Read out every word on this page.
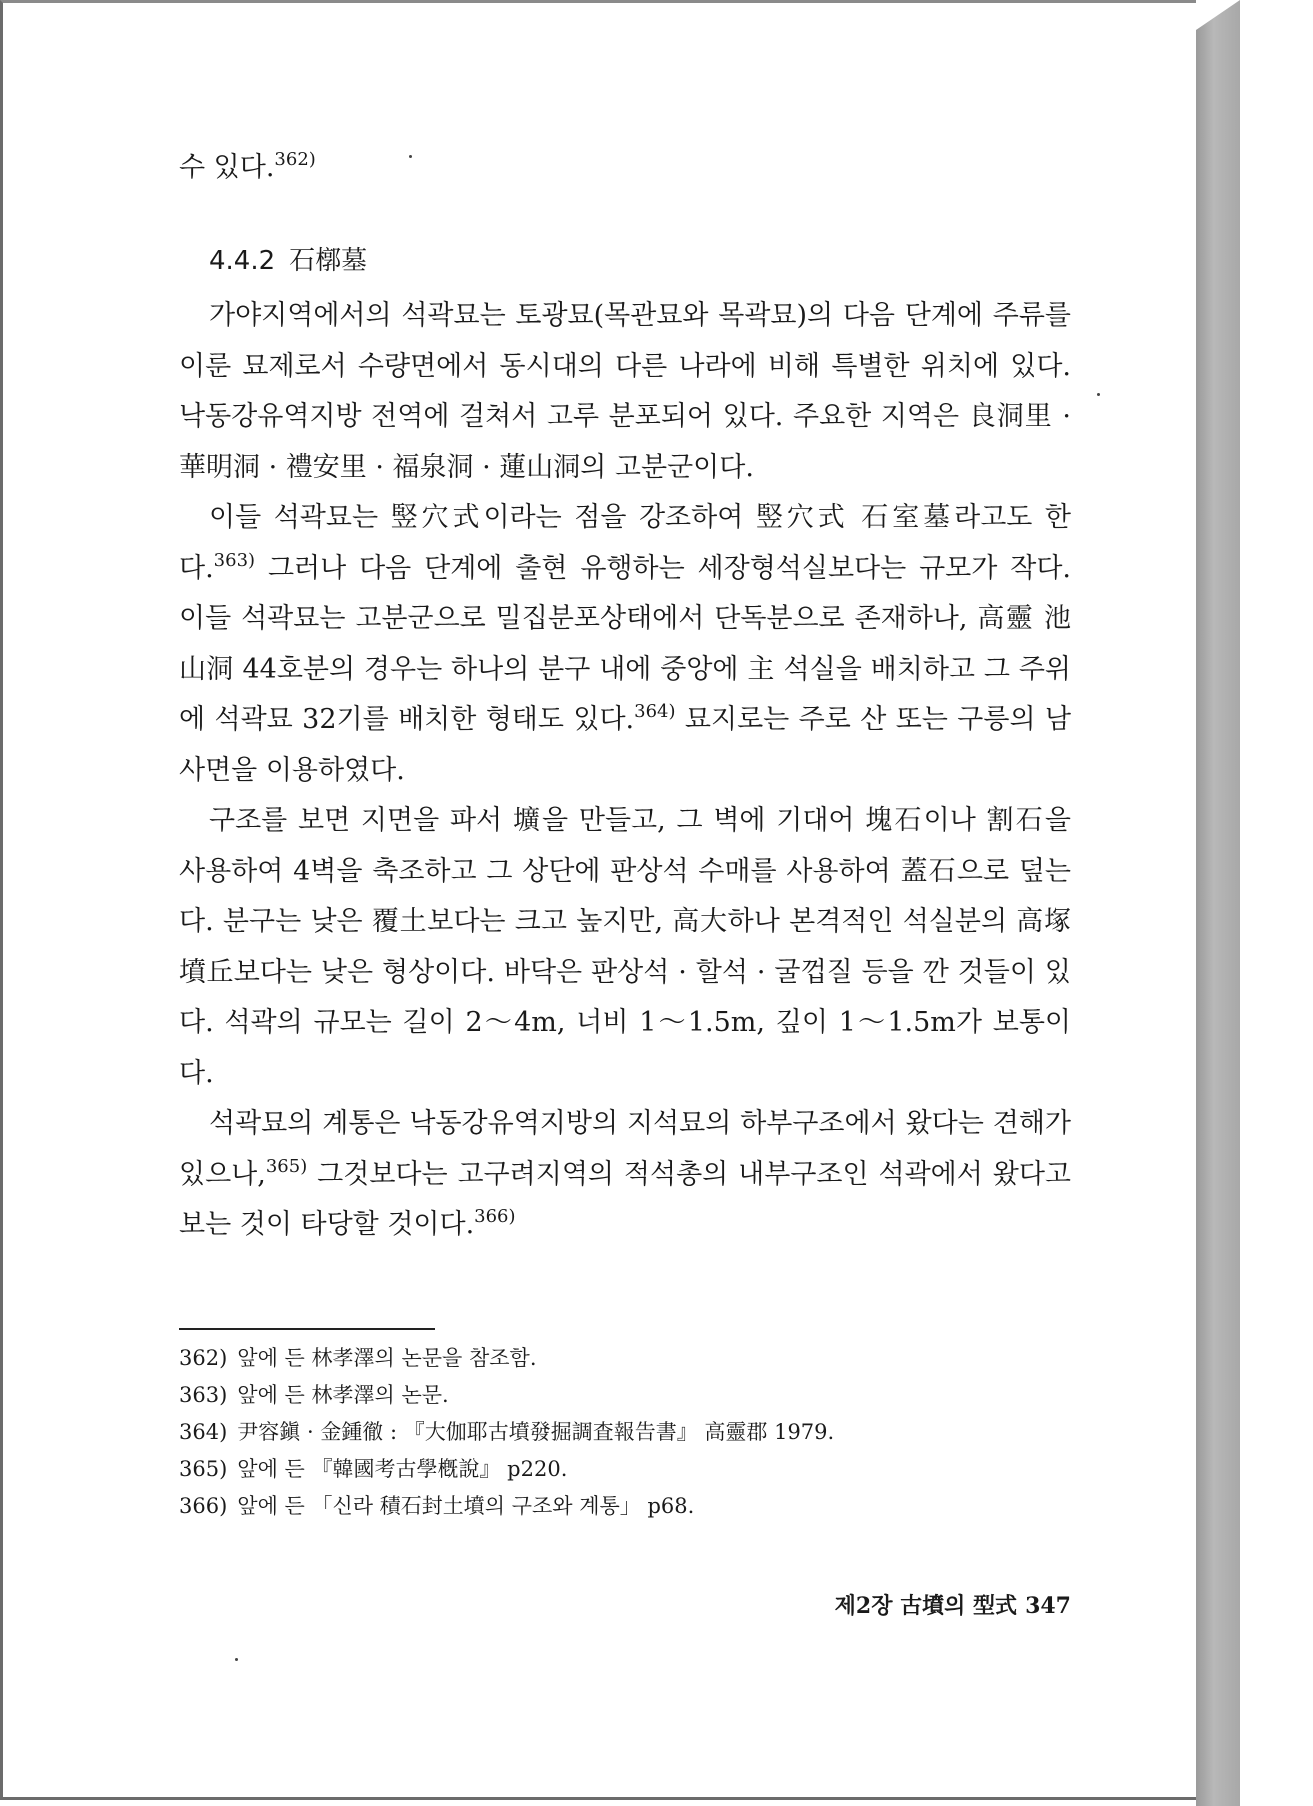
수 있다.$^{362)}$

4.4.2 石槨墓

가야지역에서의 석곽묘는 토광묘(목관묘와 목곽묘)의 다음 단계에 주류를 이룬 묘제로서 수량면에서 동시대의 다른 나라에 비해 특별한 위치에 있다. 낙동강유역지방 전역에 걸쳐서 고루 분포되어 있다. 주요한 지역은 良洞里 · 華明洞 · 禮安里 · 福泉洞 · 蓮山洞의 고분군이다.

이들 석곽묘는 竪穴式이라는 점을 강조하여 竪穴式 石室墓라고도 한다.$^{363)}$ 그러나 다음 단계에 출현 유행하는 세장형석실보다는 규모가 작다. 이들 석곽묘는 고분군으로 밀집분포상태에서 단독분으로 존재하나, 高靈 池山洞 44호분의 경우는 하나의 분구 내에 중앙에 主 석실을 배치하고 그 주위에 석곽묘 32기를 배치한 형태도 있다.$^{364)}$ 묘지로는 주로 산 또는 구릉의 남사면을 이용하였다.

구조를 보면 지면을 파서 壙을 만들고, 그 벽에 기대어 塊石이나 割石을 사용하여 4벽을 축조하고 그 상단에 판상석 수매를 사용하여 蓋石으로 덮는다. 분구는 낮은 覆土보다는 크고 높지만, 高大하나 본격적인 석실분의 高塚墳丘보다는 낮은 형상이다. 바닥은 판상석 · 할석 · 굴껍질 등을 깐 것들이 있다. 석곽의 규모는 길이 2～4m, 너비 1～1.5m, 깊이 1～1.5m가 보통이다.

석곽묘의 계통은 낙동강유역지방의 지석묘의 하부구조에서 왔다는 견해가 있으나,$^{365)}$ 그것보다는 고구려지역의 적석총의 내부구조인 석곽에서 왔다고 보는 것이 타당할 것이다.$^{366)}$

362) 앞에 든 林孝澤의 논문을 참조함.
363) 앞에 든 林孝澤의 논문.
364) 尹容鎭 · 金鍾徹 : 『大伽耶古墳發掘調査報告書』 高靈郡 1979.
365) 앞에 든 『韓國考古學槪說』 p220.
366) 앞에 든 「신라 積石封土墳의 구조와 계통」 p68.
제2장 古墳의 型式 347
